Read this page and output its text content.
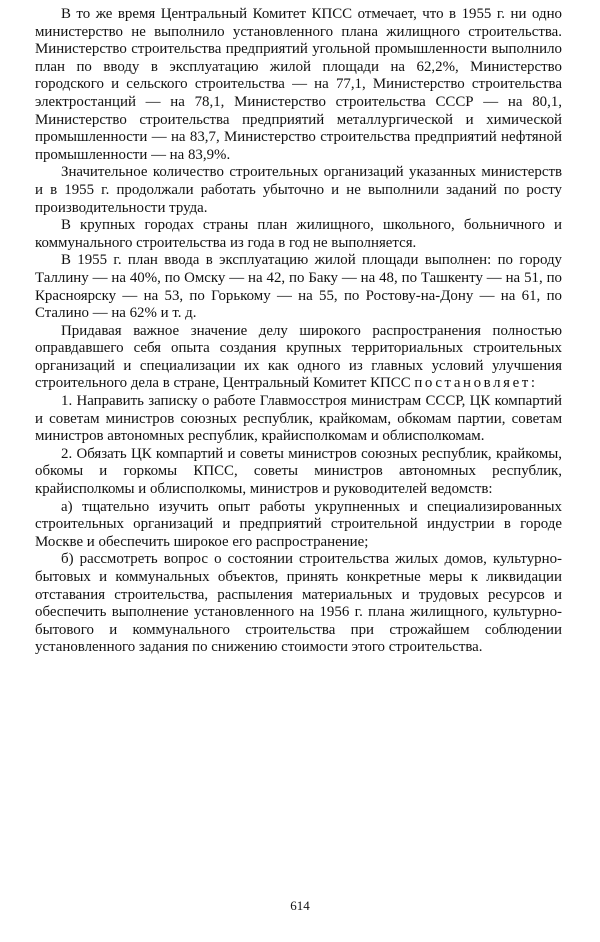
В то же время Центральный Комитет КПСС отмечает, что в 1955 г. ни одно министерство не выполнило установленного плана жилищного строительства. Министерство строительства предприятий угольной промышленности выполнило план по вводу в эксплуатацию жилой площади на 62,2%, Министерство городского и сельского строительства — на 77,1, Министерство строительства электростанций — на 78,1, Министерство строительства СССР — на 80,1, Министерство строительства предприятий металлургической и химической промышленности — на 83,7, Министерство строительства предприятий нефтяной промышленности — на 83,9%.

Значительное количество строительных организаций указанных министерств и в 1955 г. продолжали работать убыточно и не выполнили заданий по росту производительности труда.

В крупных городах страны план жилищного, школьного, больничного и коммунального строительства из года в год не выполняется.

В 1955 г. план ввода в эксплуатацию жилой площади выполнен: по городу Таллину — на 40%, по Омску — на 42, по Баку — на 48, по Ташкенту — на 51, по Красноярску — на 53, по Горькому — на 55, по Ростову-на-Дону — на 61, по Сталино — на 62% и т. д.

Придавая важное значение делу широкого распространения полностью оправдавшего себя опыта создания крупных территориальных строительных организаций и специализации их как одного из главных условий улучшения строительного дела в стране, Центральный Комитет КПСС постановляет:

1. Направить записку о работе Главмосстроя министрам СССР, ЦК компартий и советам министров союзных республик, крайкомам, обкомам партии, советам министров автономных республик, крайисполкомам и облисполкомам.

2. Обязать ЦК компартий и советы министров союзных республик, крайкомы, обкомы и горкомы КПСС, советы министров автономных республик, крайисполкомы и облисполкомы, министров и руководителей ведомств:

а) тщательно изучить опыт работы укрупненных и специализированных строительных организаций и предприятий строительной индустрии в городе Москве и обеспечить широкое его распространение;

б) рассмотреть вопрос о состоянии строительства жилых домов, культурно-бытовых и коммунальных объектов, принять конкретные меры к ликвидации отставания строительства, распыления материальных и трудовых ресурсов и обеспечить выполнение установленного на 1956 г. плана жилищного, культурно-бытового и коммунального строительства при строжайшем соблюдении установленного задания по снижению стоимости этого строительства.

614
